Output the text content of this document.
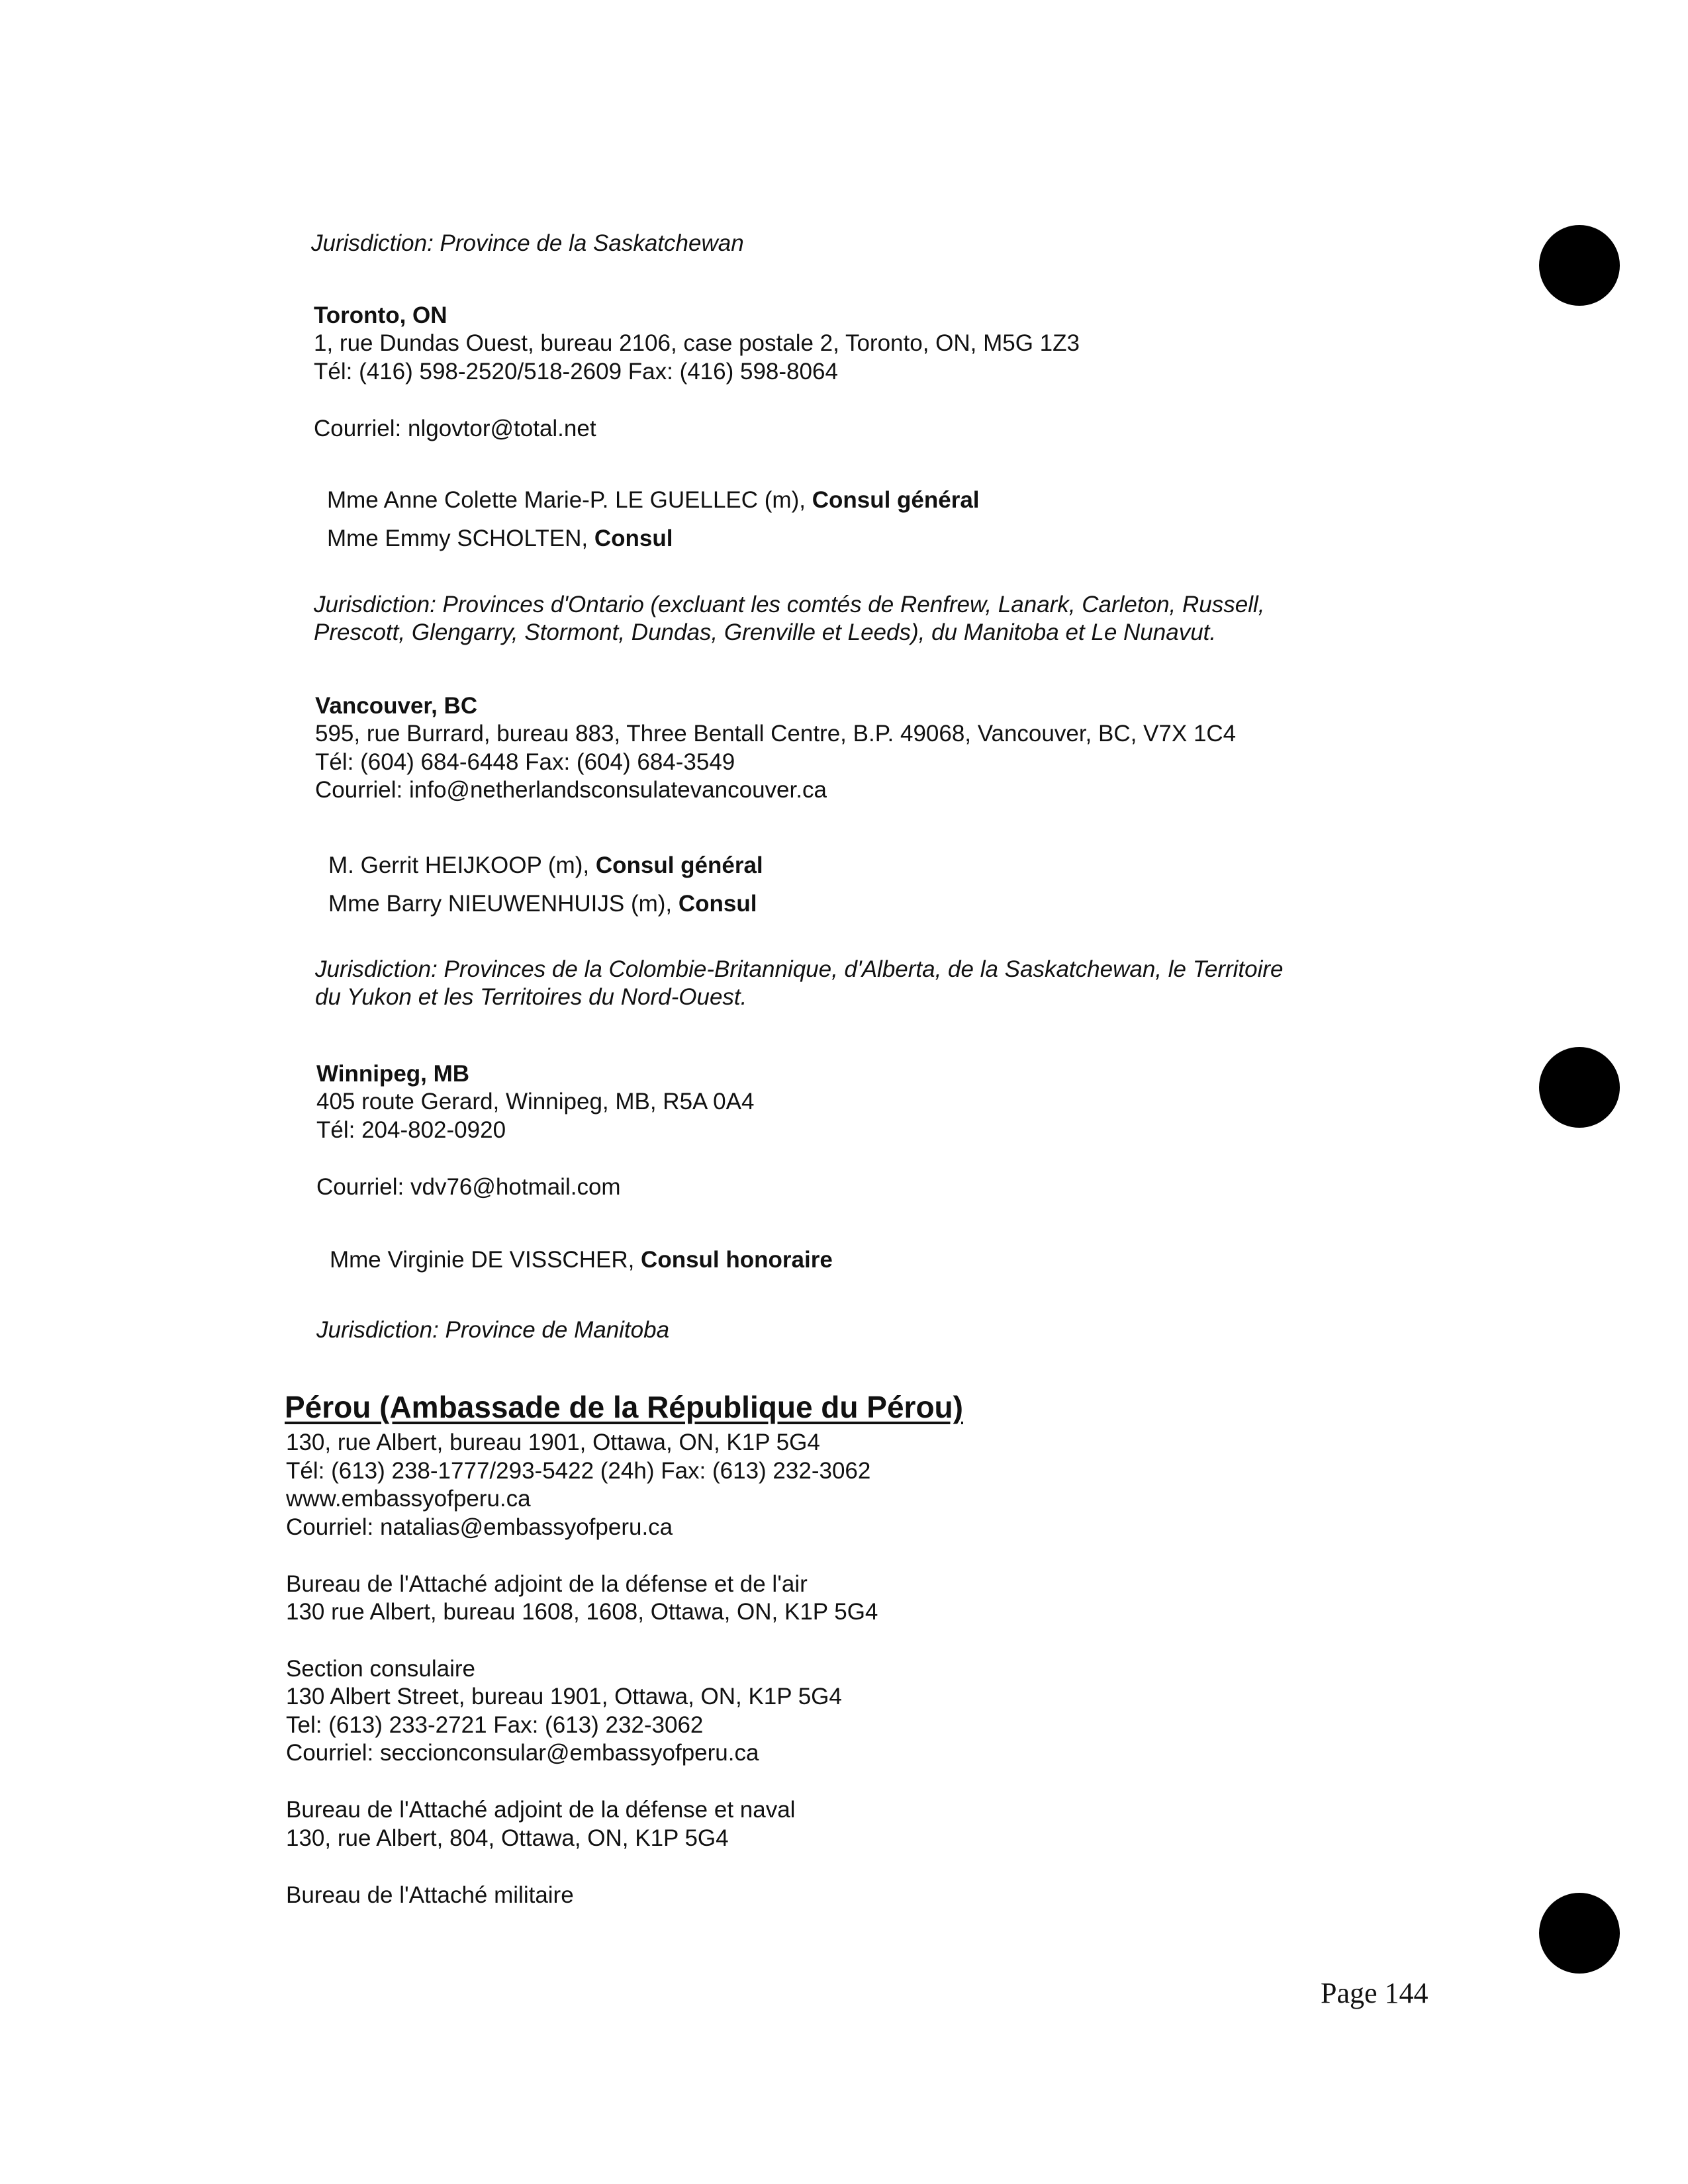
Jurisdiction: Province de la Saskatchewan
Toronto, ON
1, rue Dundas Ouest, bureau 2106, case postale 2, Toronto, ON, M5G 1Z3
Tél: (416) 598-2520/518-2609 Fax: (416) 598-8064
Courriel: nlgovtor@total.net
Mme Anne Colette Marie-P. LE GUELLEC (m), Consul général
Mme Emmy SCHOLTEN, Consul
Jurisdiction: Provinces d'Ontario (excluant les comtés de Renfrew, Lanark, Carleton, Russell,
Prescott, Glengarry, Stormont, Dundas, Grenville et Leeds), du Manitoba et Le Nunavut.
Vancouver, BC
595, rue Burrard, bureau 883, Three Bentall Centre, B.P. 49068, Vancouver, BC, V7X 1C4
Tél: (604) 684-6448 Fax: (604) 684-3549
Courriel: info@netherlandsconsulatevancouver.ca
M. Gerrit HEIJKOOP (m), Consul général
Mme Barry NIEUWENHUIJS (m), Consul
Jurisdiction: Provinces de la Colombie-Britannique, d'Alberta, de la Saskatchewan, le Territoire
du Yukon et les Territoires du Nord-Ouest.
Winnipeg, MB
405 route Gerard, Winnipeg, MB, R5A 0A4
Tél: 204-802-0920
Courriel: vdv76@hotmail.com
Mme Virginie DE VISSCHER, Consul honoraire
Jurisdiction: Province de Manitoba
Pérou (Ambassade de la République du Pérou)
130, rue Albert, bureau 1901, Ottawa, ON, K1P 5G4
Tél: (613) 238-1777/293-5422 (24h) Fax: (613) 232-3062
www.embassyofperu.ca
Courriel: natalias@embassyofperu.ca
Bureau de l'Attaché adjoint de la défense et de l'air
130 rue Albert, bureau 1608, 1608, Ottawa, ON, K1P 5G4
Section consulaire
130 Albert Street, bureau 1901, Ottawa, ON, K1P 5G4
Tel: (613) 233-2721 Fax: (613) 232-3062
Courriel: seccionconsular@embassyofperu.ca
Bureau de l'Attaché adjoint de la défense et naval
130, rue Albert, 804, Ottawa, ON, K1P 5G4
Bureau de l'Attaché militaire
Page 144
